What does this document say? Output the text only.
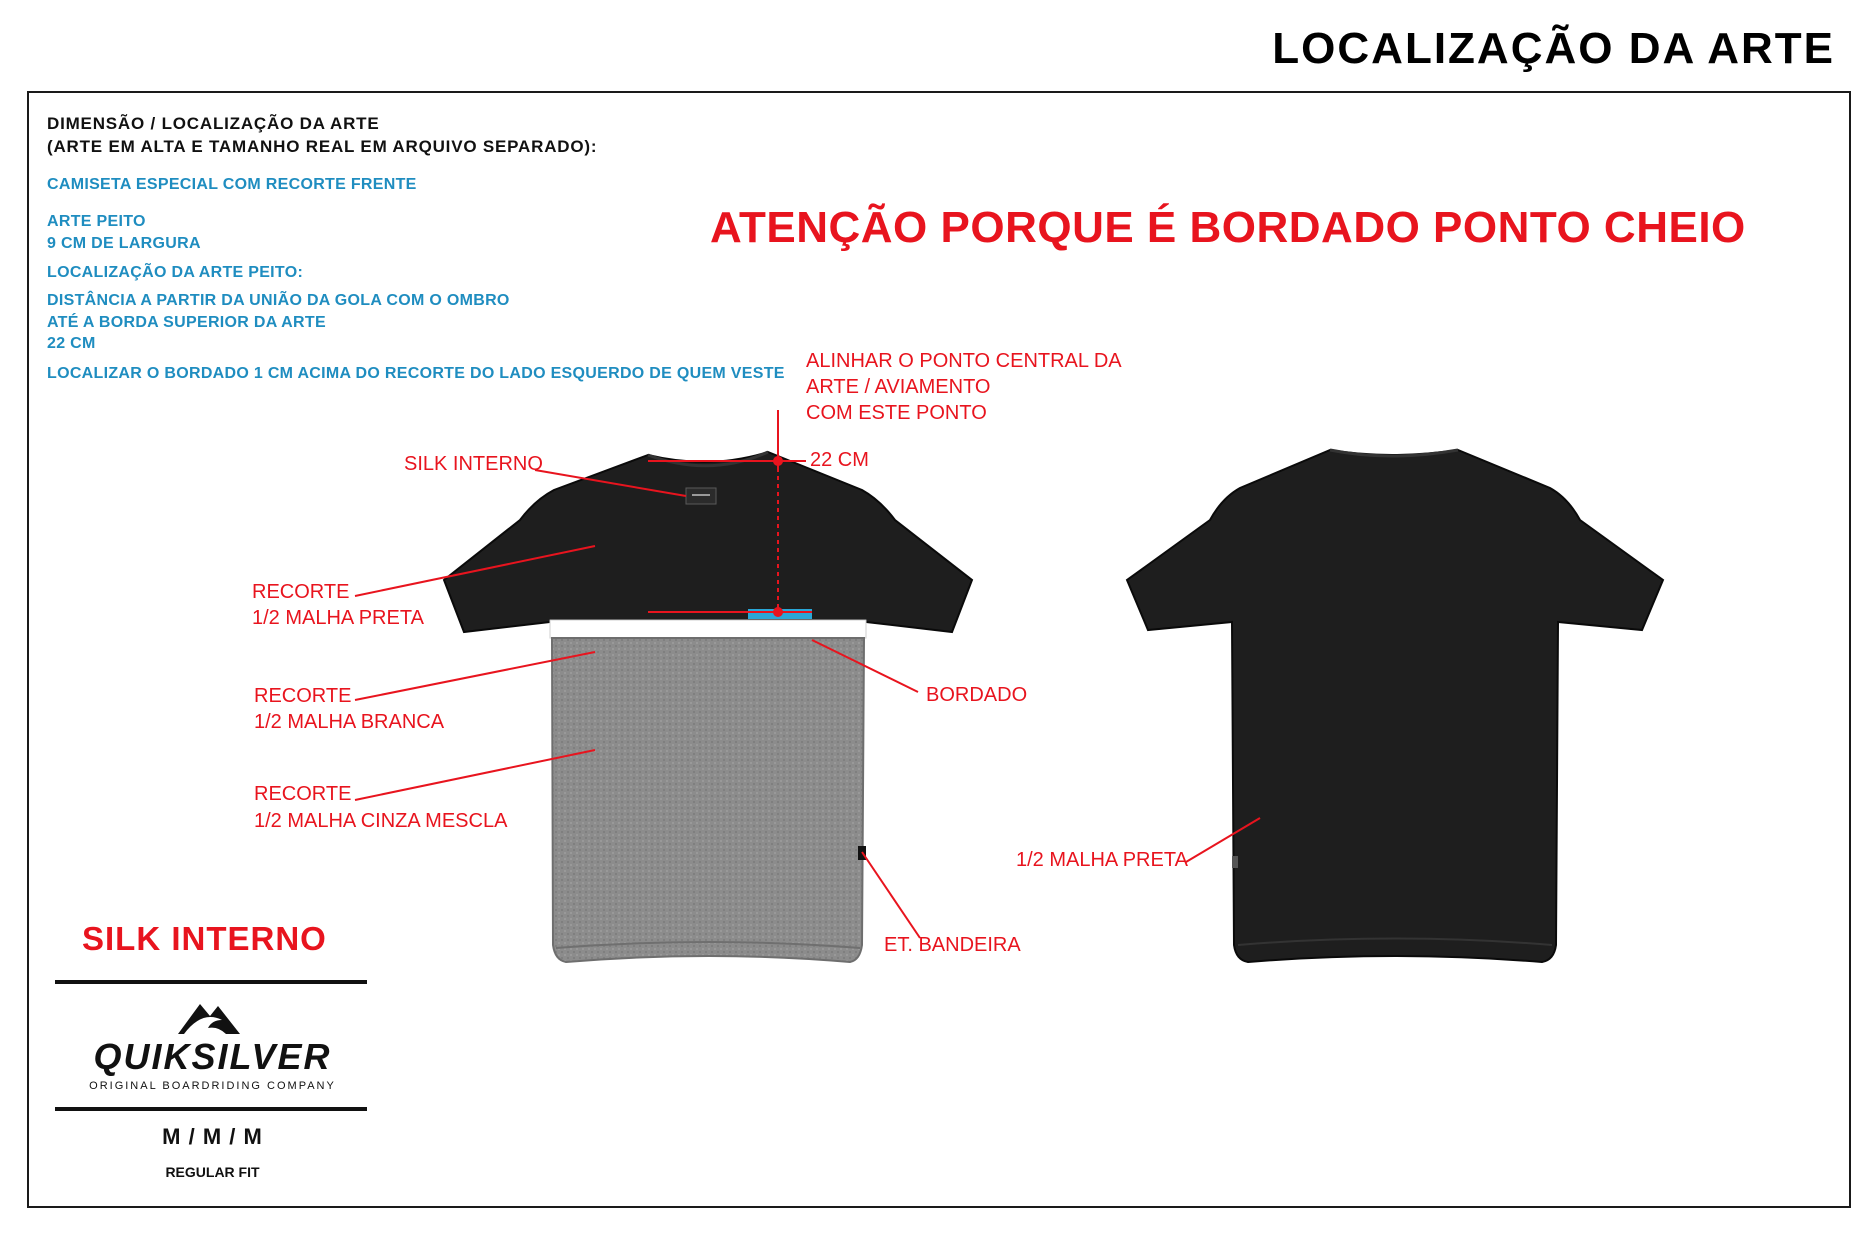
LOCALIZAÇÃO DA ARTE
DIMENSÃO / LOCALIZAÇÃO DA ARTE
(ARTE EM ALTA E TAMANHO REAL EM ARQUIVO SEPARADO):
CAMISETA ESPECIAL COM RECORTE FRENTE
ARTE PEITO
9 CM DE LARGURA
LOCALIZAÇÃO DA ARTE PEITO:
DISTÂNCIA A PARTIR DA UNIÃO DA GOLA COM O OMBRO
ATÉ A BORDA SUPERIOR DA ARTE
22 CM
LOCALIZAR O BORDADO 1 CM ACIMA DO RECORTE DO LADO ESQUERDO DE QUEM VESTE
ATENÇÃO PORQUE É BORDADO PONTO CHEIO
ALINHAR O PONTO CENTRAL DA
ARTE / AVIAMENTO
COM ESTE PONTO
22 CM
SILK INTERNO
RECORTE
1/2 MALHA PRETA
RECORTE
1/2 MALHA BRANCA
RECORTE
1/2 MALHA CINZA MESCLA
BORDADO
ET. BANDEIRA
1/2 MALHA PRETA
SILK INTERNO
QUIKSILVER
ORIGINAL BOARDRIDING COMPANY
M / M / M
REGULAR FIT
